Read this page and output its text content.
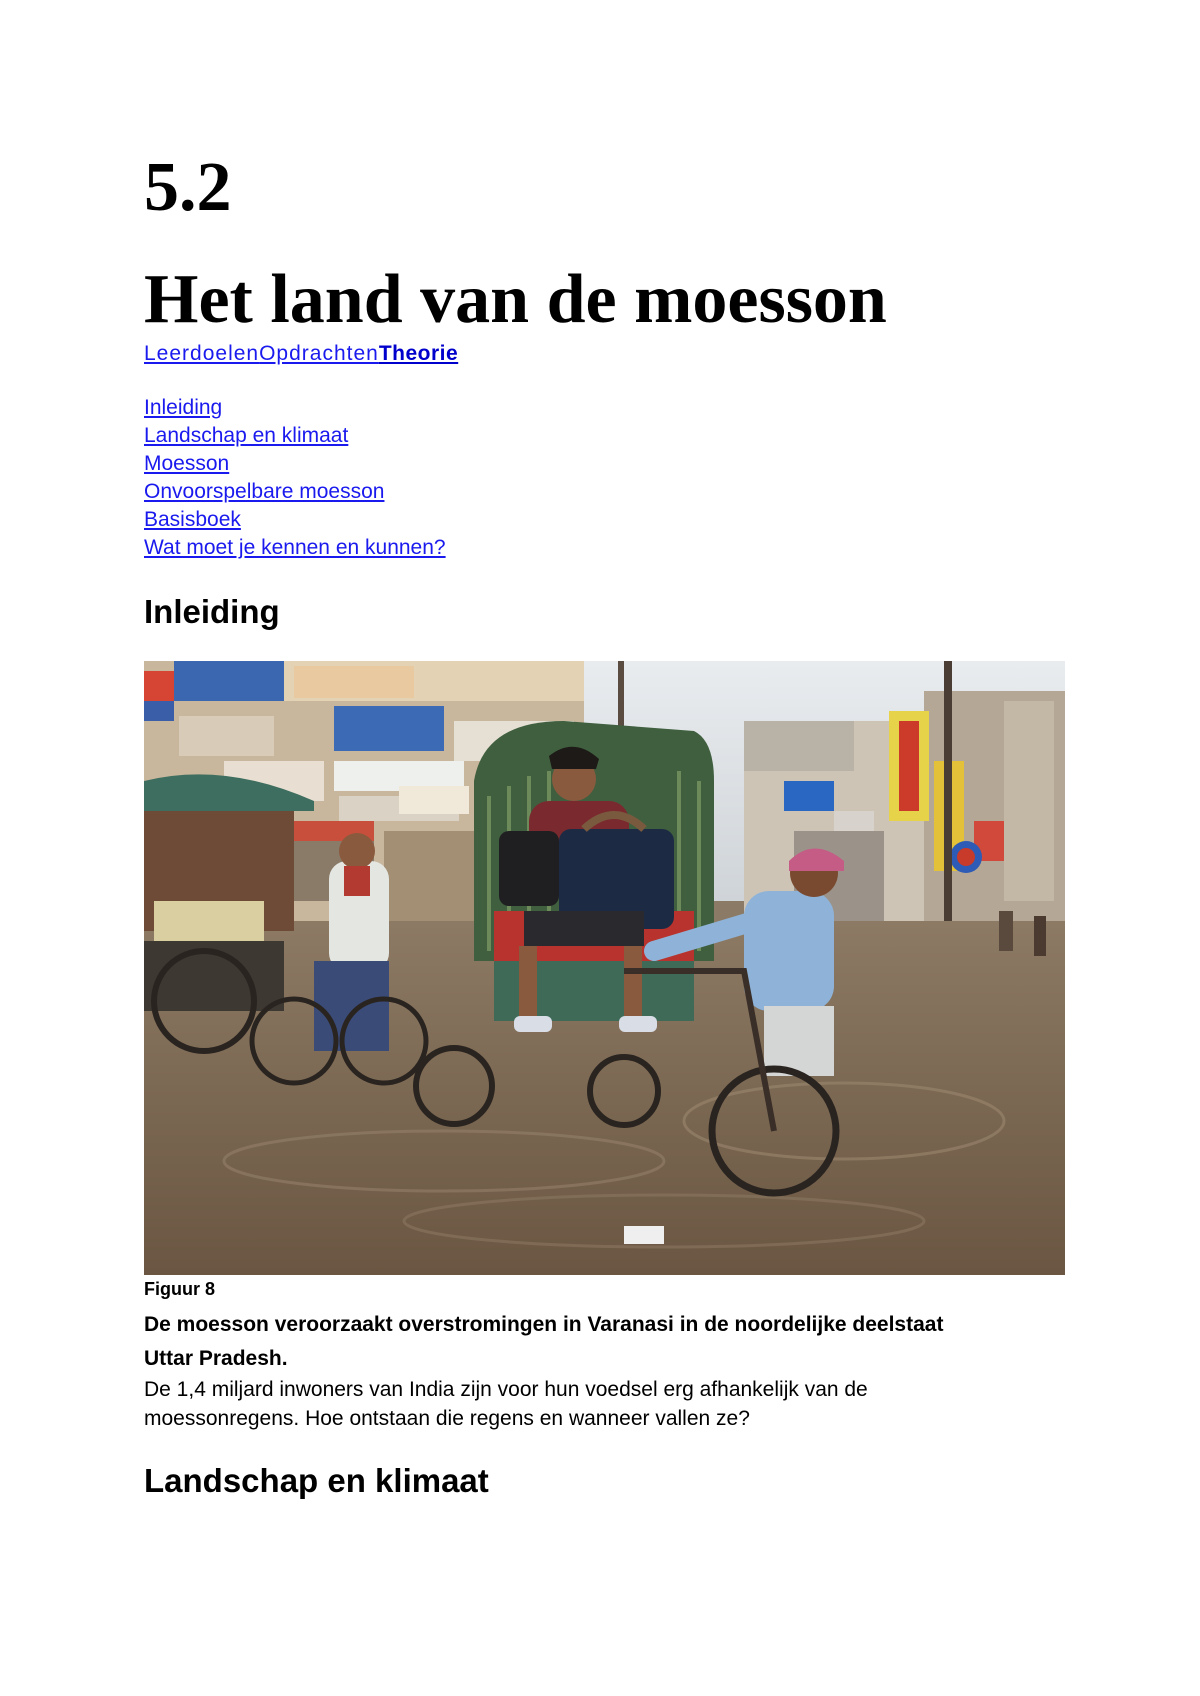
5.2
Het land van de moesson
LeerdoelenOpdrachtenTheorie
Inleiding
Landschap en klimaat
Moesson
Onvoorspelbare moesson
Basisboek
Wat moet je kennen en kunnen?
Inleiding
Figuur 8

De moesson veroorzaakt overstromingen in Varanasi in de noordelijke deelstaat Uttar Pradesh.

De 1,4 miljard inwoners van India zijn voor hun voedsel erg afhankelijk van de moessonregens. Hoe ontstaan die regens en wanneer vallen ze?

Landschap en klimaat
